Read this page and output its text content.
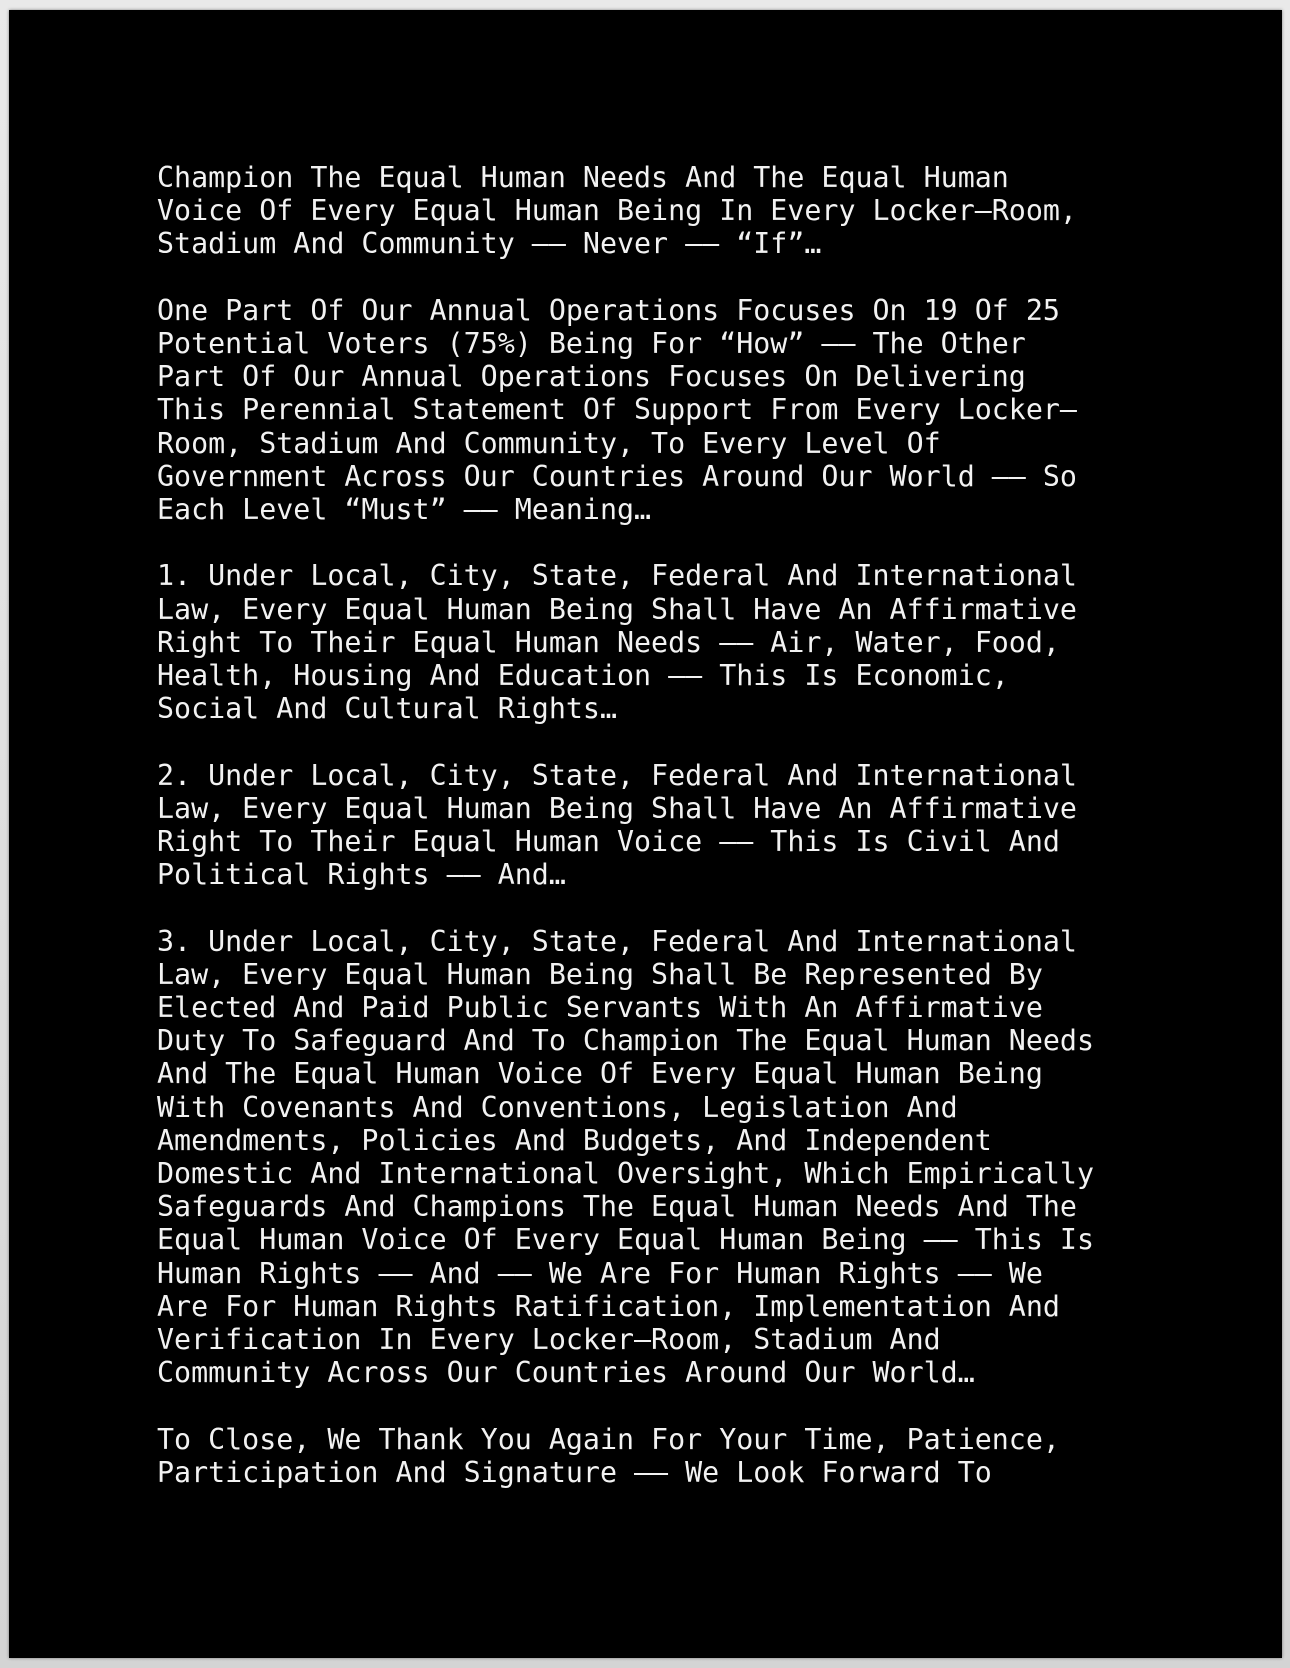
Champion The Equal Human Needs And The Equal Human
Voice Of Every Equal Human Being In Every Locker–Room,
Stadium And Community –– Never –– “If”…

One Part Of Our Annual Operations Focuses On 19 Of 25
Potential Voters (75%) Being For “How” –– The Other
Part Of Our Annual Operations Focuses On Delivering
This Perennial Statement Of Support From Every Locker–
Room, Stadium And Community, To Every Level Of
Government Across Our Countries Around Our World –– So
Each Level “Must” –– Meaning…

1. Under Local, City, State, Federal And International
Law, Every Equal Human Being Shall Have An Affirmative
Right To Their Equal Human Needs –– Air, Water, Food,
Health, Housing And Education –– This Is Economic,
Social And Cultural Rights…

2. Under Local, City, State, Federal And International
Law, Every Equal Human Being Shall Have An Affirmative
Right To Their Equal Human Voice –– This Is Civil And
Political Rights –– And…

3. Under Local, City, State, Federal And International
Law, Every Equal Human Being Shall Be Represented By
Elected And Paid Public Servants With An Affirmative
Duty To Safeguard And To Champion The Equal Human Needs
And The Equal Human Voice Of Every Equal Human Being
With Covenants And Conventions, Legislation And
Amendments, Policies And Budgets, And Independent
Domestic And International Oversight, Which Empirically
Safeguards And Champions The Equal Human Needs And The
Equal Human Voice Of Every Equal Human Being –– This Is
Human Rights –– And –– We Are For Human Rights –– We
Are For Human Rights Ratification, Implementation And
Verification In Every Locker–Room, Stadium And
Community Across Our Countries Around Our World…

To Close, We Thank You Again For Your Time, Patience,
Participation And Signature –– We Look Forward To
